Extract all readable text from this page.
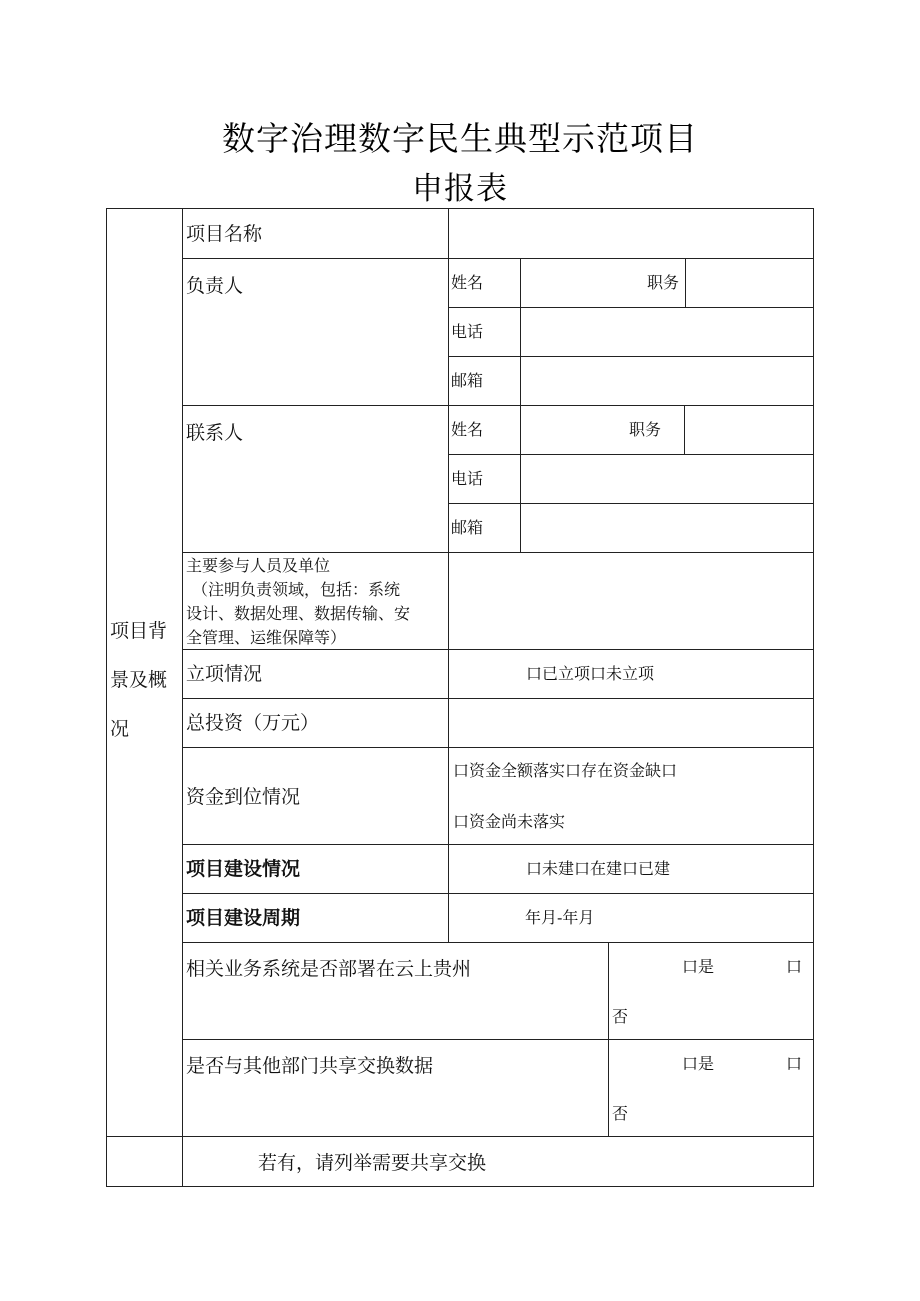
数字治理数字民生典型示范项目
申报表
项目背
景及概
况
项目名称
负责人	姓名	职务
电话
邮箱
联系人	姓名	职务
电话
邮箱
主要参与人员及单位
（注明负责领域，包括：系统
设计、数据处理、数据传输、安
全管理、运维保障等）
立项情况	口已立项口未立项
总投资（万元）
资金到位情况
口资金全额落实口存在资金缺口
口资金尚未落实
项目建设情况	口未建口在建口已建
项目建设周期	年月-年月
相关业务系统是否部署在云上贵州	口是	口
否
是否与其他部门共享交换数据	口是	口
否
若有，请列举需要共享交换
